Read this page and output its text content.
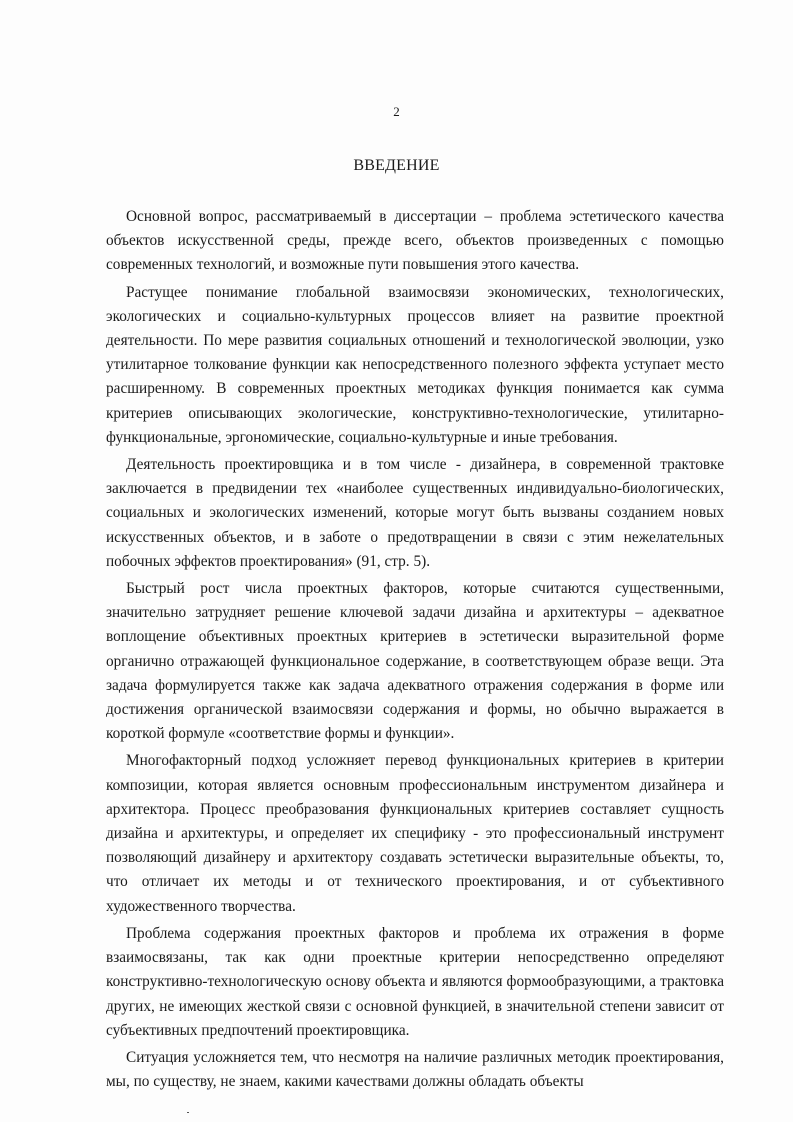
2
ВВЕДЕНИЕ

Основной вопрос, рассматриваемый в диссертации – проблема эстетического качества объектов искусственной среды, прежде всего, объектов произведенных с помощью современных технологий, и возможные пути повышения этого качества.

Растущее понимание глобальной взаимосвязи экономических, технологических, экологических и социально-культурных процессов влияет на развитие проектной деятельности. По мере развития социальных отношений и технологической эволюции, узко утилитарное толкование функции как непосредственного полезного эффекта уступает место расширенному. В современных проектных методиках функция понимается как сумма критериев описывающих экологические, конструктивно-технологические, утилитарно-функциональные, эргономические, социально-культурные и иные требования.

Деятельность проектировщика и в том числе - дизайнера, в современной трактовке заключается в предвидении тех «наиболее существенных индивидуально-биологических, социальных и экологических изменений, которые могут быть вызваны созданием новых искусственных объектов, и в заботе о предотвращении в связи с этим нежелательных побочных эффектов проектирования» (91, стр. 5).

Быстрый рост числа проектных факторов, которые считаются существенными, значительно затрудняет решение ключевой задачи дизайна и архитектуры – адекватное воплощение объективных проектных критериев в эстетически выразительной форме органично отражающей функциональное содержание, в соответствующем образе вещи. Эта задача формулируется также как задача адекватного отражения содержания в форме или достижения органической взаимосвязи содержания и формы, но обычно выражается в короткой формуле «соответствие формы и функции».

Многофакторный подход усложняет перевод функциональных критериев в критерии композиции, которая является основным профессиональным инструментом дизайнера и архитектора. Процесс преобразования функциональных критериев составляет сущность дизайна и архитектуры, и определяет их специфику - это профессиональный инструмент позволяющий дизайнеру и архитектору создавать эстетически выразительные объекты, то, что отличает их методы и от технического проектирования, и от субъективного художественного творчества.

Проблема содержания проектных факторов и проблема их отражения в форме взаимосвязаны, так как одни проектные критерии непосредственно определяют конструктивно-технологическую основу объекта и являются формообразующими, а трактовка других, не имеющих жесткой связи с основной функцией, в значительной степени зависит от субъективных предпочтений проектировщика.

Ситуация усложняется тем, что несмотря на наличие различных методик проектирования, мы, по существу, не знаем, какими качествами должны обладать объекты
